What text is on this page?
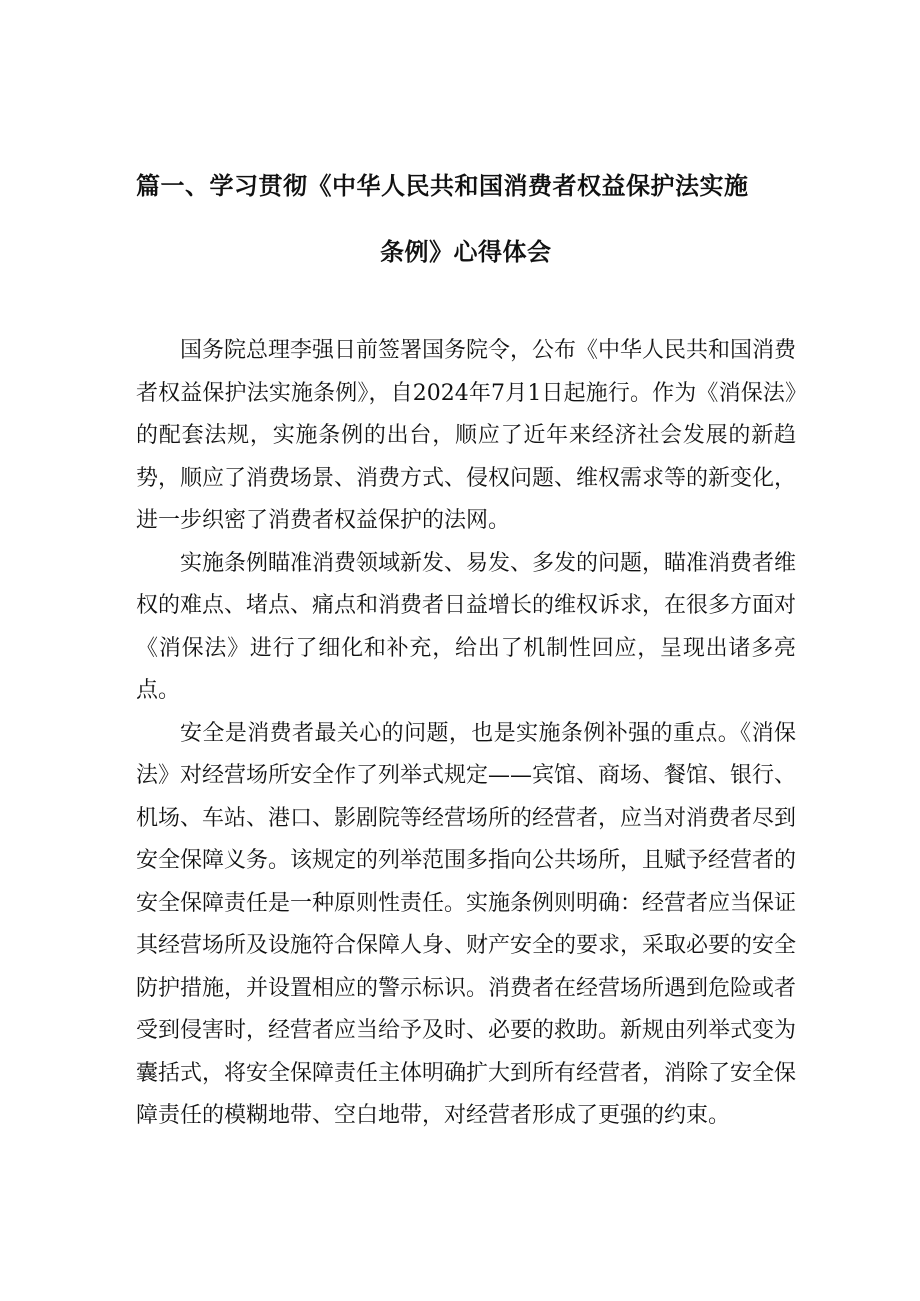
篇一、学习贯彻《中华人民共和国消费者权益保护法实施
条例》心得体会

国务院总理李强日前签署国务院令，公布《中华人民共和国消费者权益保护法实施条例》，自2024年7月1日起施行。作为《消保法》的配套法规，实施条例的出台，顺应了近年来经济社会发展的新趋势，顺应了消费场景、消费方式、侵权问题、维权需求等的新变化，进一步织密了消费者权益保护的法网。

实施条例瞄准消费领域新发、易发、多发的问题，瞄准消费者维权的难点、堵点、痛点和消费者日益增长的维权诉求，在很多方面对《消保法》进行了细化和补充，给出了机制性回应，呈现出诸多亮点。

安全是消费者最关心的问题，也是实施条例补强的重点。《消保法》对经营场所安全作了列举式规定——宾馆、商场、餐馆、银行、机场、车站、港口、影剧院等经营场所的经营者，应当对消费者尽到安全保障义务。该规定的列举范围多指向公共场所，且赋予经营者的安全保障责任是一种原则性责任。实施条例则明确：经营者应当保证其经营场所及设施符合保障人身、财产安全的要求，采取必要的安全防护措施，并设置相应的警示标识。消费者在经营场所遇到危险或者受到侵害时，经营者应当给予及时、必要的救助。新规由列举式变为囊括式，将安全保障责任主体明确扩大到所有经营者，消除了安全保障责任的模糊地带、空白地带，对经营者形成了更强的约束。
